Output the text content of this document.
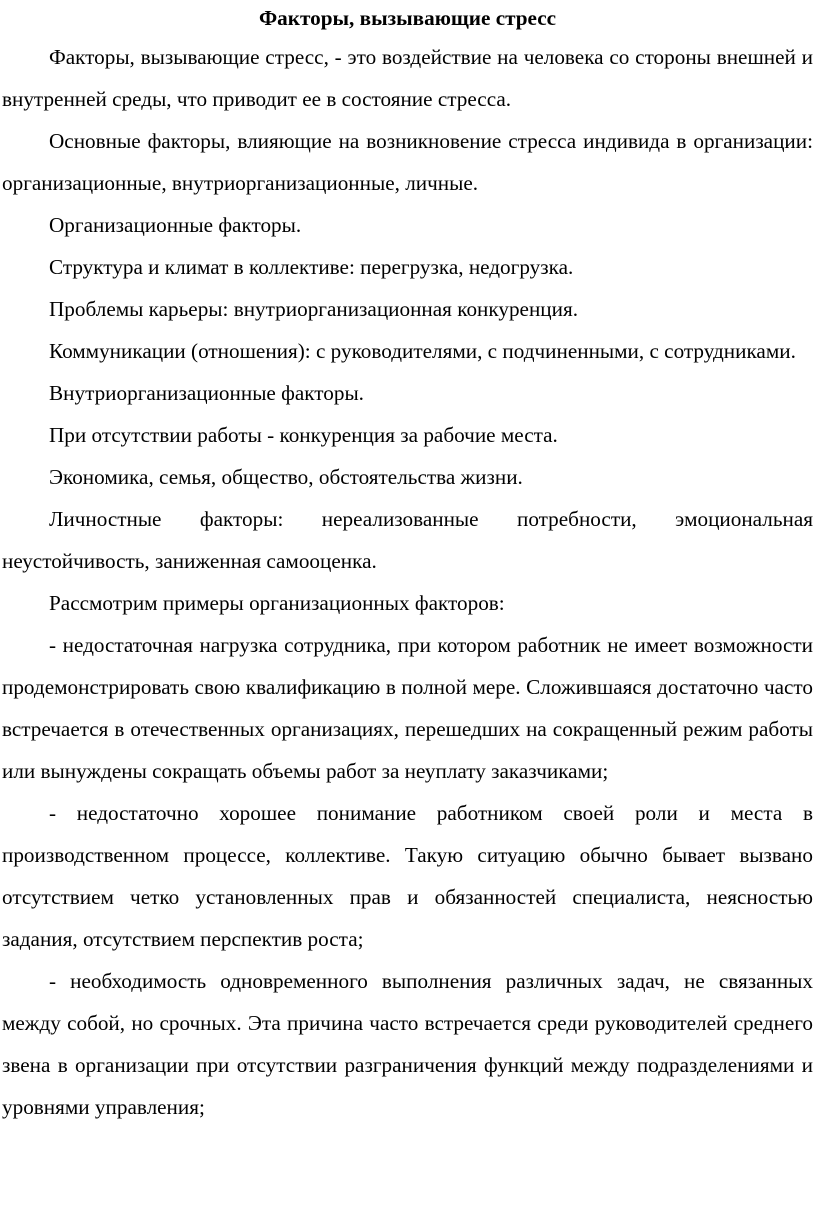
Факторы, вызывающие стресс

Факторы, вызывающие стресс, - это воздействие на человека со стороны внешней и внутренней среды, что приводит ее в состояние стресса.

Основные факторы, влияющие на возникновение стресса индивида в организации: организационные, внутриорганизационные, личные.

Организационные факторы.

Структура и климат в коллективе: перегрузка, недогрузка.

Проблемы карьеры: внутриорганизационная конкуренция.

Коммуникации (отношения): с руководителями, с подчиненными, с сотрудниками.

Внутриорганизационные факторы.

При отсутствии работы - конкуренция за рабочие места.

Экономика, семья, общество, обстоятельства жизни.

Личностные факторы: нереализованные потребности, эмоциональная неустойчивость, заниженная самооценка.

Рассмотрим примеры организационных факторов:

- недостаточная нагрузка сотрудника, при котором работник не имеет возможности продемонстрировать свою квалификацию в полной мере. Сложившаяся достаточно часто встречается в отечественных организациях, перешедших на сокращенный режим работы или вынуждены сокращать объемы работ за неуплату заказчиками;

- недостаточно хорошее понимание работником своей роли и места в производственном процессе, коллективе. Такую ситуацию обычно бывает вызвано отсутствием четко установленных прав и обязанностей специалиста, неясностью задания, отсутствием перспектив роста;

- необходимость одновременного выполнения различных задач, не связанных между собой, но срочных. Эта причина часто встречается среди руководителей среднего звена в организации при отсутствии разграничения функций между подразделениями и уровнями управления;
